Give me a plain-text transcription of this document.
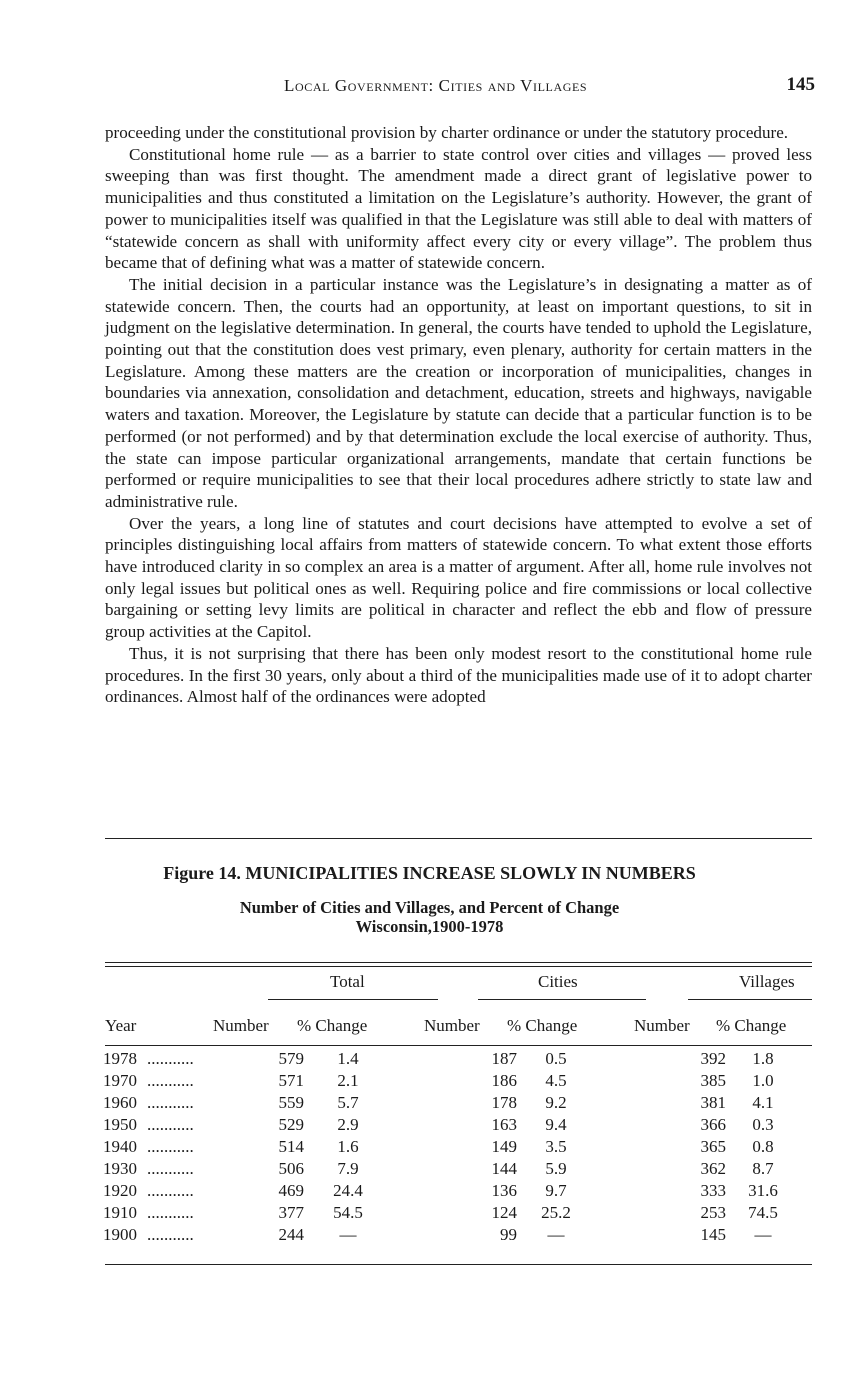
Local Government: Cities and Villages	145

proceeding under the constitutional provision by charter ordinance or under the statutory procedure.

Constitutional home rule — as a barrier to state control over cities and villages — proved less sweeping than was first thought. The amendment made a direct grant of legislative power to municipalities and thus constituted a limitation on the Legislature’s authority. However, the grant of power to municipalities itself was qualified in that the Legislature was still able to deal with matters of “statewide concern as shall with uniformity affect every city or every village”. The problem thus became that of defining what was a matter of statewide concern.

The initial decision in a particular instance was the Legislature’s in designating a matter as of statewide concern. Then, the courts had an opportunity, at least on important questions, to sit in judgment on the legislative determination. In general, the courts have tended to uphold the Legislature, pointing out that the constitution does vest primary, even plenary, authority for certain matters in the Legislature. Among these matters are the creation or incorporation of municipalities, changes in boundaries via annexation, consolidation and detachment, education, streets and highways, navigable waters and taxation. Moreover, the Legislature by statute can decide that a particular function is to be performed (or not performed) and by that determination exclude the local exercise of authority. Thus, the state can impose particular organizational arrangements, mandate that certain functions be performed or require municipalities to see that their local procedures adhere strictly to state law and administrative rule.

Over the years, a long line of statutes and court decisions have attempted to evolve a set of principles distinguishing local affairs from matters of statewide concern. To what extent those efforts have introduced clarity in so complex an area is a matter of argument. After all, home rule involves not only legal issues but political ones as well. Requiring police and fire commissions or local collective bargaining or setting levy limits are political in character and reflect the ebb and flow of pressure group activities at the Capitol.

Thus, it is not surprising that there has been only modest resort to the constitutional home rule procedures. In the first 30 years, only about a third of the municipalities made use of it to adopt charter ordinances. Almost half of the ordinances were adopted

Figure 14. MUNICIPALITIES INCREASE SLOWLY IN NUMBERS
Number of Cities and Villages, and Percent of Change
Wisconsin,1900-1978
Total	Cities	Villages
Year	Number % Change	Number % Change	Number % Change
1978 ...........	579	1.4	187	0.5	392	1.8
1970 ...........	571	2.1	186	4.5	385	1.0
1960 ...........	559	5.7	178	9.2	381	4.1
1950 ...........	529	2.9	163	9.4	366	0.3
1940 ...........	514	1.6	149	3.5	365	0.8
1930 ...........	506	7.9	144	5.9	362	8.7
1920 ...........	469	24.4	136	9.7	333	31.6
1910 ...........	377	54.5	124	25.2	253	74.5
1900 ...........	244	—	99	—	145	—
